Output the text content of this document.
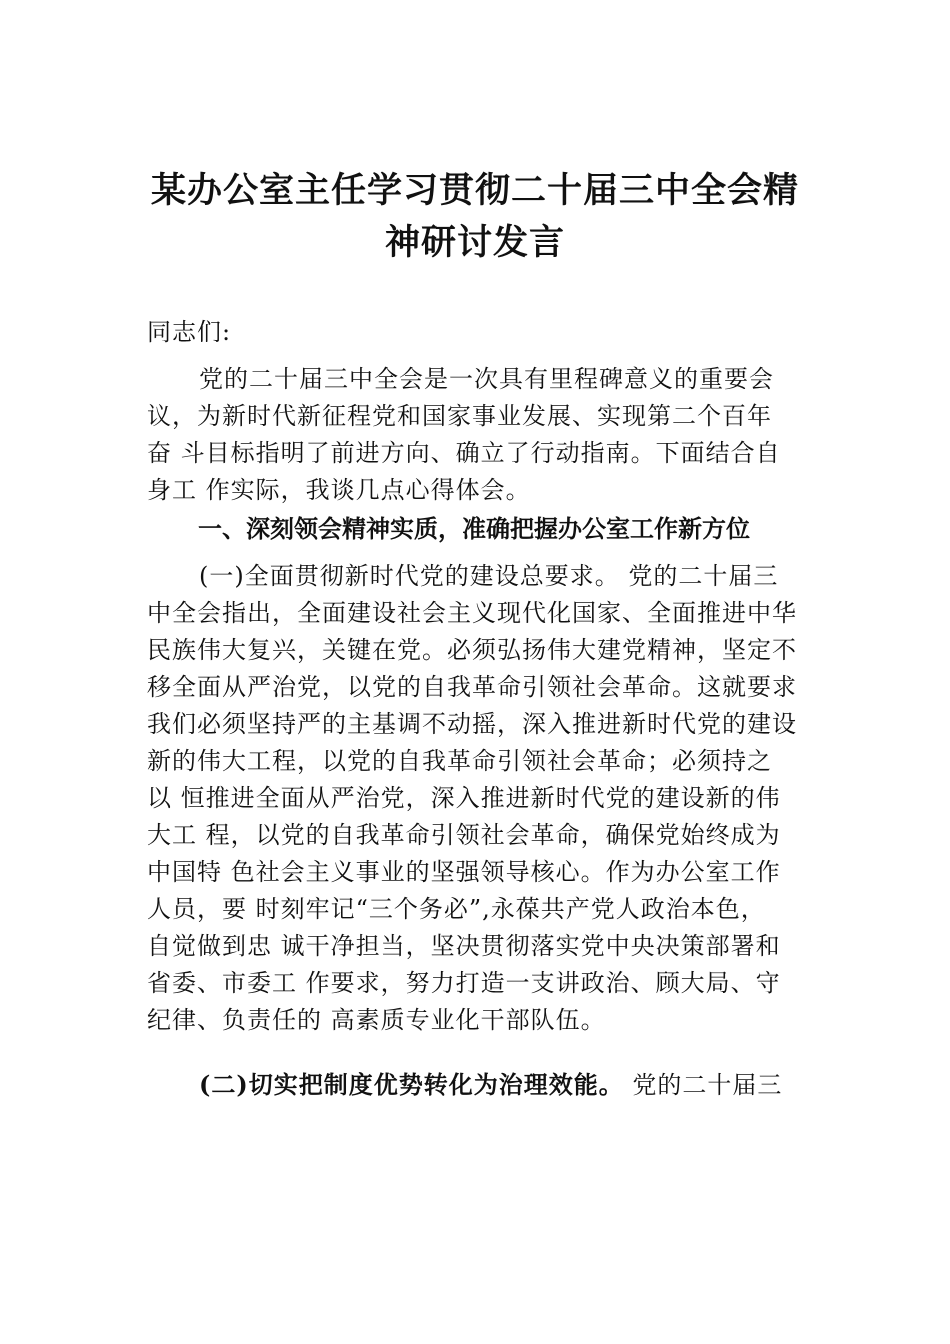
某办公室主任学习贯彻二十届三中全会精
神研讨发言
同志们:
党的二十届三中全会是一次具有里程碑意义的重要会
议，为新时代新征程党和国家事业发展、实现第二个百年
奋 斗目标指明了前进方向、确立了行动指南。下面结合自
身工 作实际，我谈几点心得体会。
一、深刻领会精神实质，准确把握办公室工作新方位
(一)全面贯彻新时代党的建设总要求。 党的二十届三
中全会指出，全面建设社会主义现代化国家、全面推进中华
民族伟大复兴，关键在党。必须弘扬伟大建党精神，坚定不
移全面从严治党，以党的自我革命引领社会革命。这就要求
我们必须坚持严的主基调不动摇，深入推进新时代党的建设
新的伟大工程，以党的自我革命引领社会革命；必须持之
以 恒推进全面从严治党，深入推进新时代党的建设新的伟
大工 程，以党的自我革命引领社会革命，确保党始终成为
中国特 色社会主义事业的坚强领导核心。作为办公室工作
人员，要 时刻牢记“三个务必”,永葆共产党人政治本色，
自觉做到忠 诚干净担当，坚决贯彻落实党中央决策部署和
省委、市委工 作要求，努力打造一支讲政治、顾大局、守
纪律、负责任的 高素质专业化干部队伍。
(二)切实把制度优势转化为治理效能。 党的二十届三
